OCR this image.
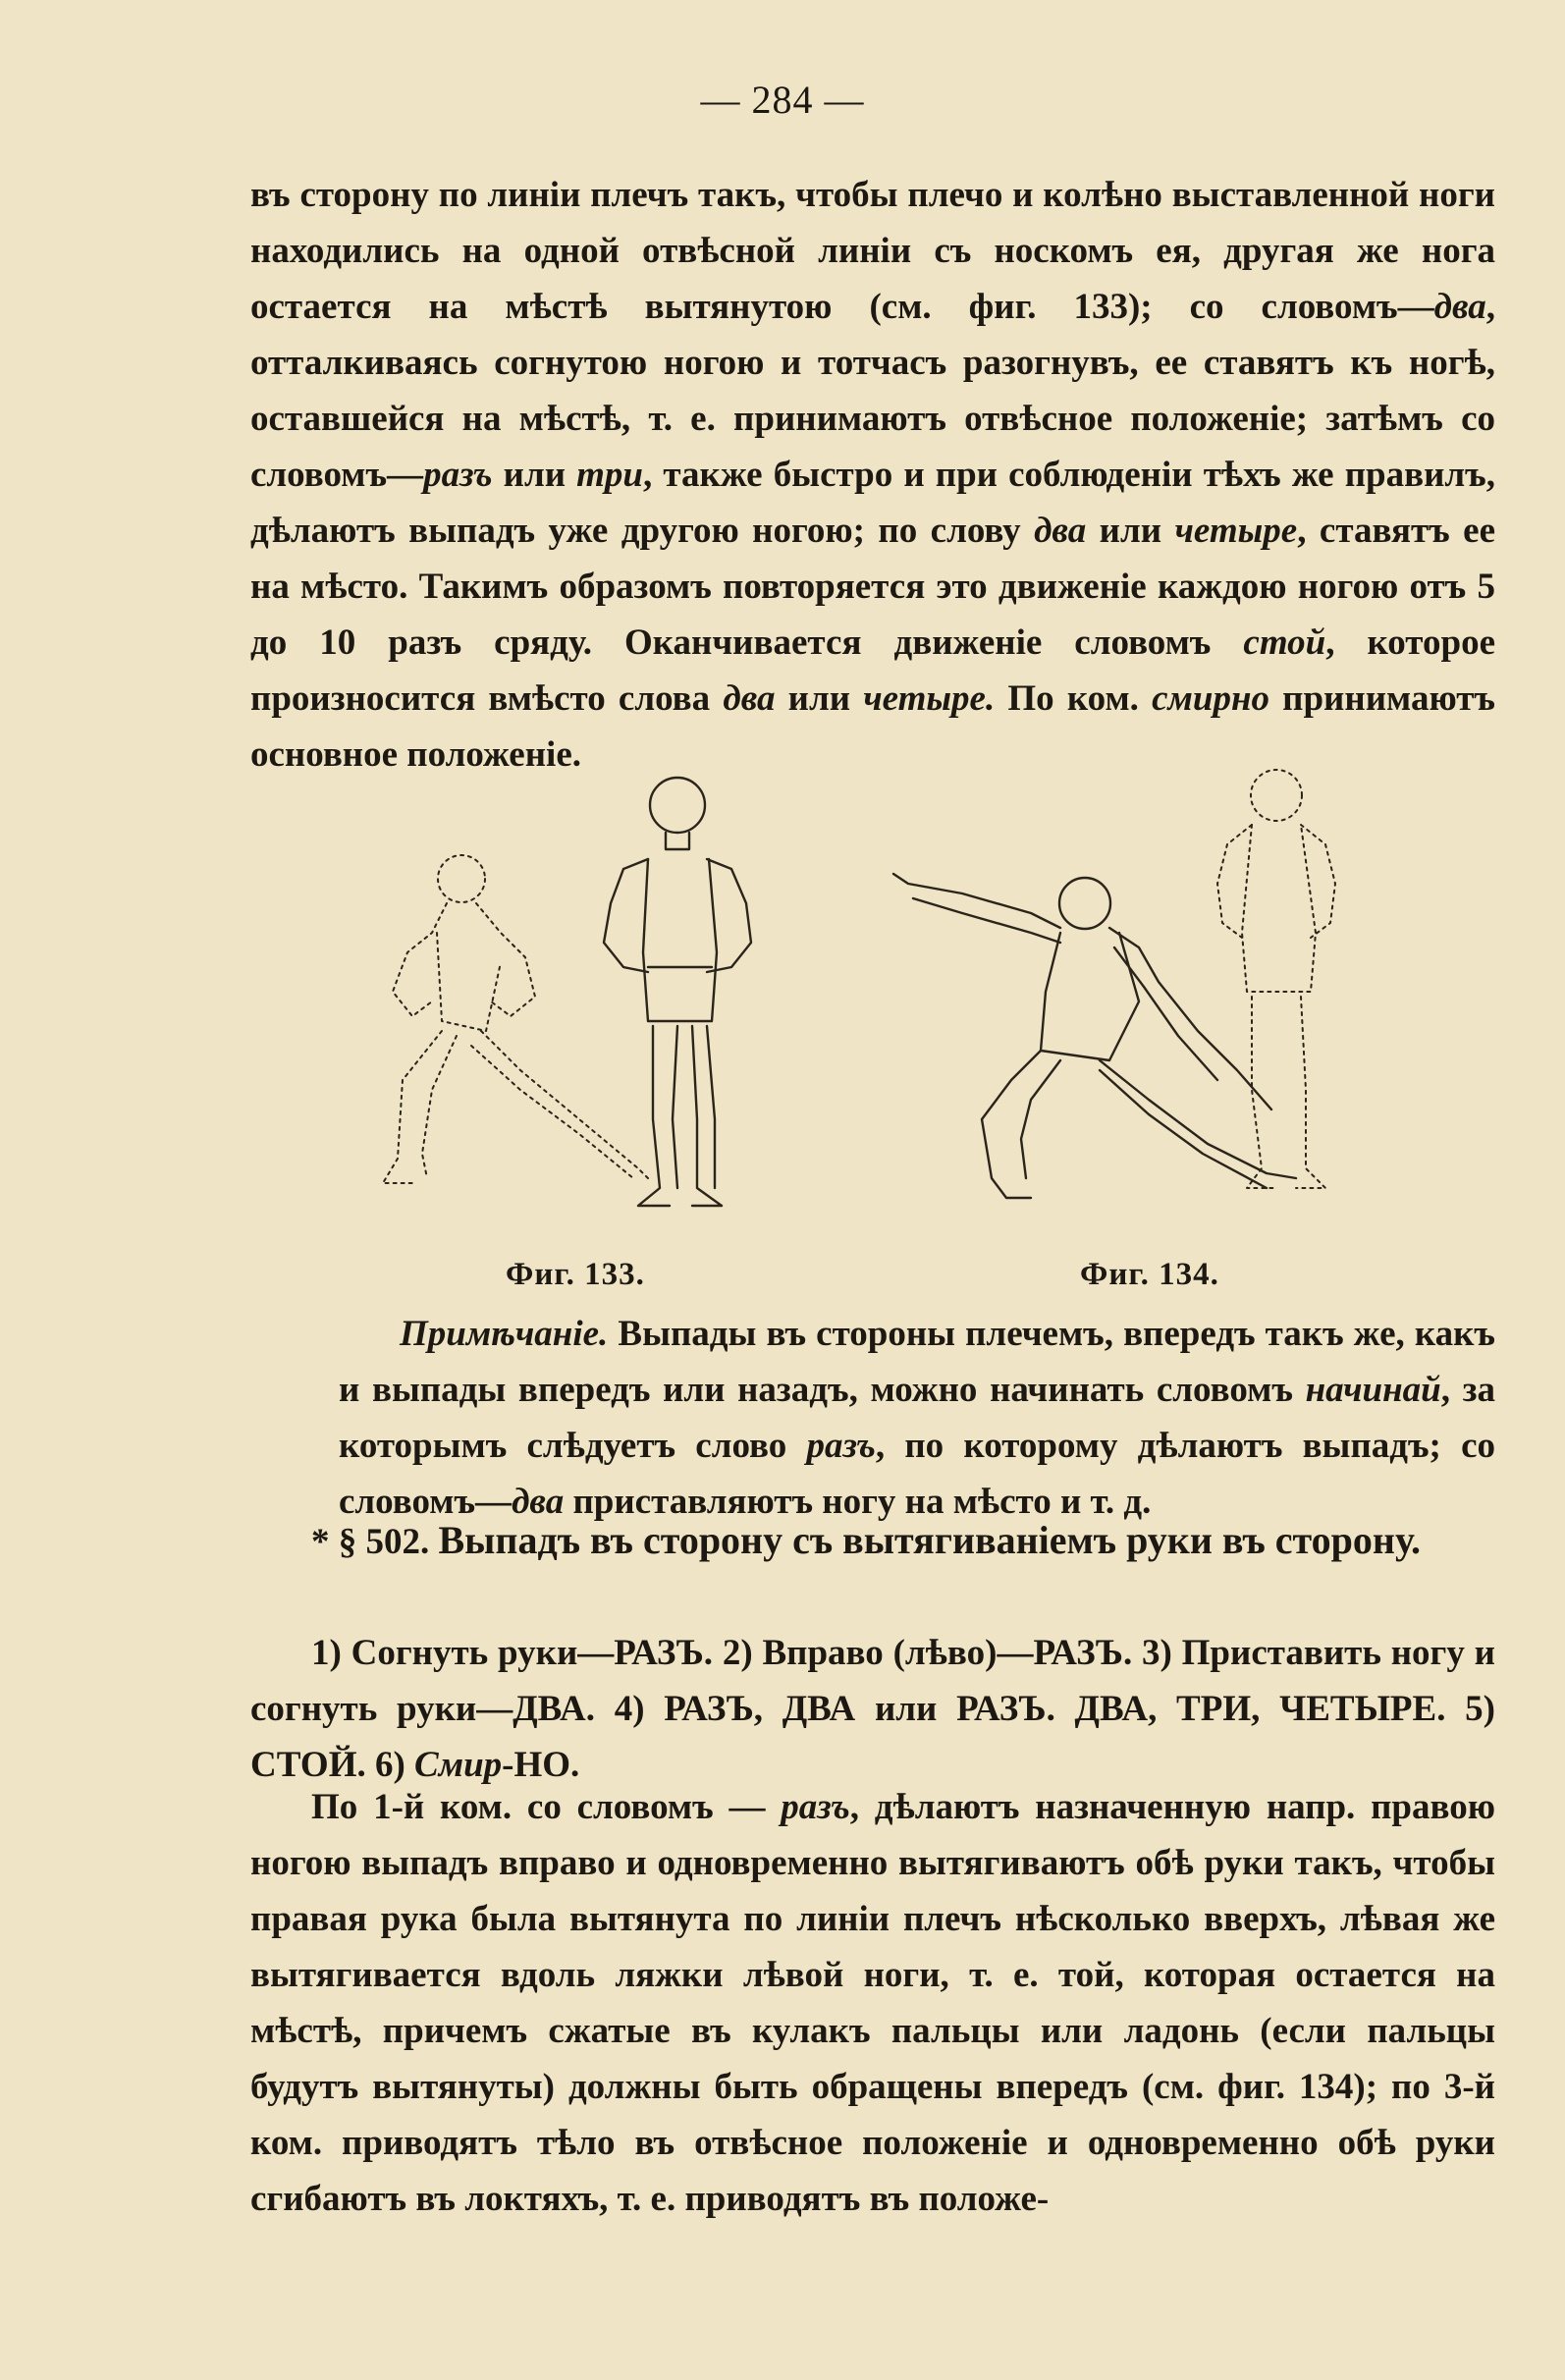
— 284 —

въ сторону по линіи плечъ такъ, чтобы плечо и колѣно выставленной ноги находились на одной отвѣсной линіи съ носкомъ ея, другая же нога остается на мѣстѣ вытянутою (см. фиг. 133); со словомъ—два, отталкиваясь согнутою ногою и тотчасъ разогнувъ, ее ставятъ къ ногѣ, оставшейся на мѣстѣ, т. е. принимаютъ отвѣсное положеніе; затѣмъ со словомъ—разъ или три, также быстро и при соблюденіи тѣхъ же правилъ, дѣлаютъ выпадъ уже другою ногою; по слову два или четыре, ставятъ ее на мѣсто. Такимъ образомъ повторяется это движеніе каждою ногою отъ 5 до 10 разъ сряду. Оканчивается движеніе словомъ стой, которое произносится вмѣсто слова два или четыре. По ком. смирно принимаютъ основное положеніе.

Фиг. 133.	Фиг. 134.

Примѣчаніе. Выпады въ стороны плечемъ, впередъ такъ же, какъ и выпады впередъ или назадъ, можно начинать словомъ начинай, за которымъ слѣдуетъ слово разъ, по которому дѣлаютъ выпадъ; со словомъ—два приставляютъ ногу на мѣсто и т. д.

* § 502. Выпадъ въ сторону съ вытягиваніемъ руки въ сторону.

1) Согнуть руки—РАЗЪ. 2) Вправо (лѣво)—РАЗЪ. 3) Приставить ногу и согнуть руки—ДВА. 4) РАЗЪ, ДВА или РАЗЪ. ДВА, ТРИ, ЧЕТЫРЕ. 5) СТОЙ. 6) Смир-НО.

По 1-й ком. со словомъ — разъ, дѣлаютъ назначенную напр. правою ногою выпадъ вправо и одновременно вытягиваютъ обѣ руки такъ, чтобы правая рука была вытянута по линіи плечъ нѣсколько вверхъ, лѣвая же вытягивается вдоль ляжки лѣвой ноги, т. е. той, которая остается на мѣстѣ, причемъ сжатые въ кулакъ пальцы или ладонь (если пальцы будутъ вытянуты) должны быть обращены впередъ (см. фиг. 134); по 3-й ком. приводятъ тѣло въ отвѣсное положеніе и одновременно обѣ руки сгибаютъ въ локтяхъ, т. е. приводятъ въ положе-
